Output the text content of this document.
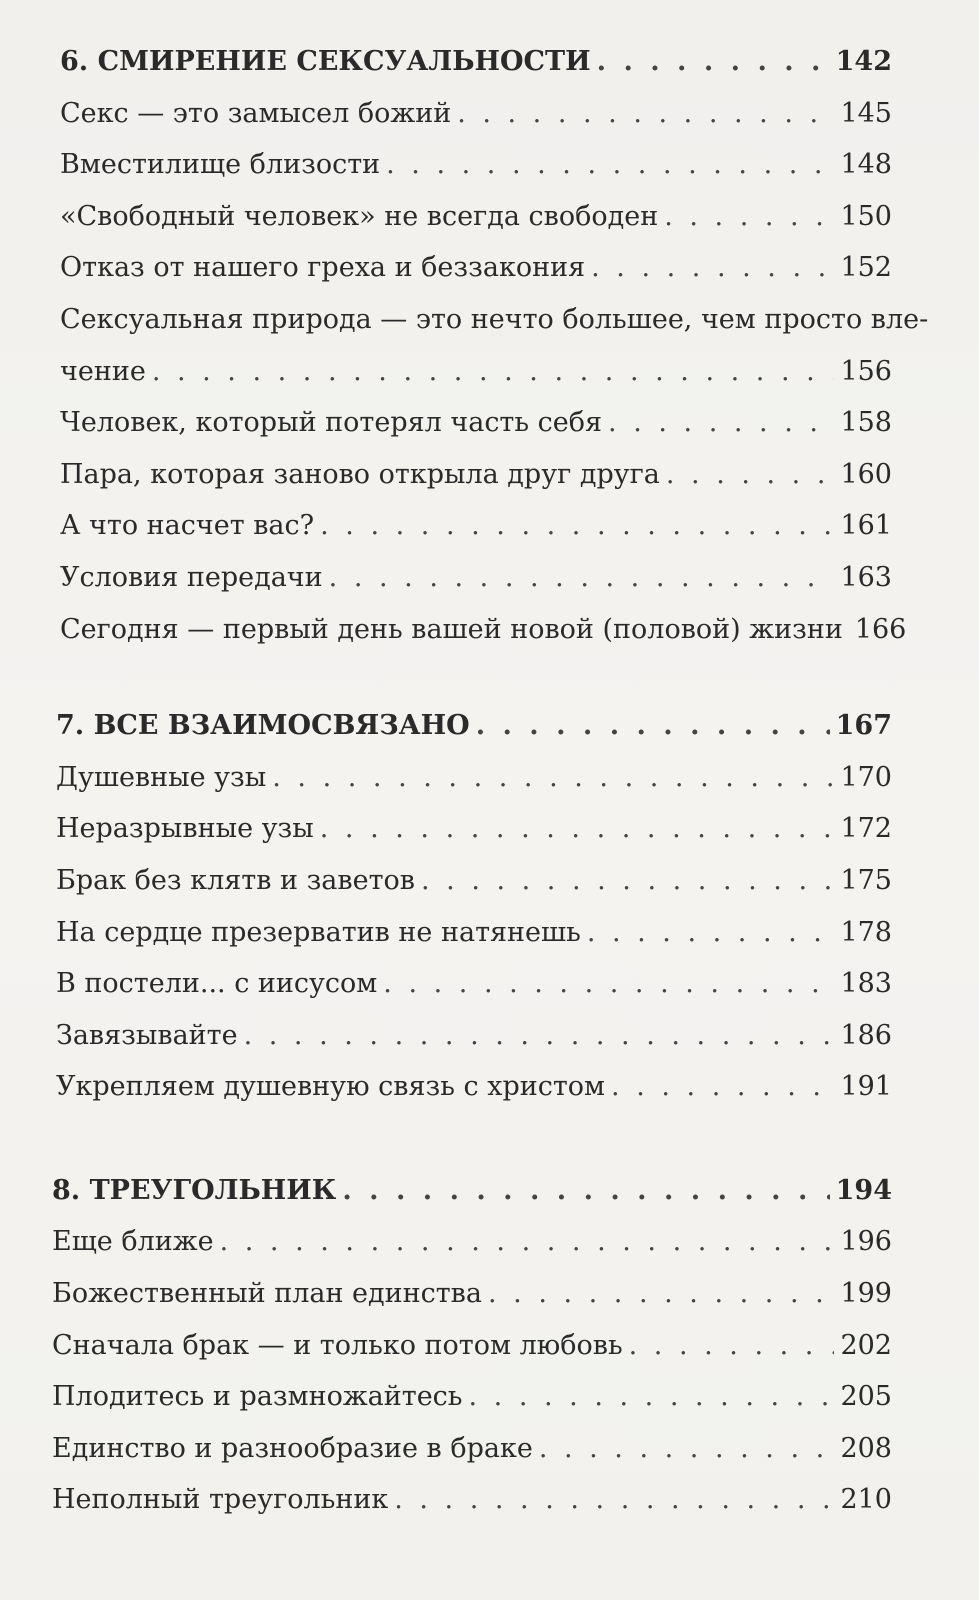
6. СМИРЕНИЕ СЕКСУАЛЬНОСТИ . . .	142
Секс — это замысел божий . . .	145
Вместилище близости . . .	148
«Свободный человек» не всегда свободен . . .	150
Отказ от нашего греха и беззакония . . .	152
Сексуальная природа — это нечто большее, чем просто вле-
чение . . .	156
Человек, который потерял часть себя . . .	158
Пара, которая заново открыла друг друга . . .	160
А что насчет вас? . . .	161
Условия передачи . . .	163
Сегодня — первый день вашей новой (половой) жизни 166
7. ВСЕ ВЗАИМОСВЯЗАНО . . .	167
Душевные узы . . .	170
Неразрывные узы . . .	172
Брак без клятв и заветов . . .	175
На сердце презерватив не натянешь . . .	178
В постели... с иисусом . . .	183
Завязывайте . . .	186
Укрепляем душевную связь с христом . . .	191
8. ТРЕУГОЛЬНИК . . .	194
Еще ближе . . .	196
Божественный план единства . . .	199
Сначала брак — и только потом любовь . . .	202
Плодитесь и размножайтесь . . .	205
Единство и разнообразие в браке . . .	208
Неполный треугольник . . .	210
